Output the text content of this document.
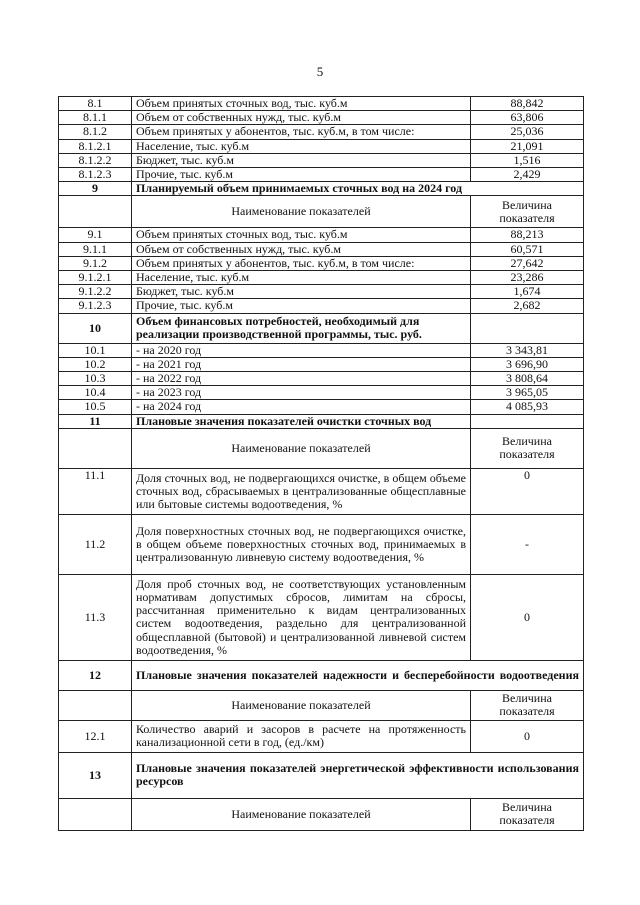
5
8.1	Объем принятых сточных вод, тыс. куб.м	88,842
8.1.1	Объем от собственных нужд, тыс. куб.м	63,806
8.1.2	Объем принятых у абонентов, тыс. куб.м, в том числе:	25,036
8.1.2.1	Население, тыс. куб.м	21,091
8.1.2.2	Бюджет, тыс. куб.м	1,516
8.1.2.3	Прочие, тыс. куб.м	2,429
9	Планируемый объем принимаемых сточных вод на 2024 год	
	Наименование показателей	Величина показателя
9.1	Объем принятых сточных вод, тыс. куб.м	88,213
9.1.1	Объем от собственных нужд, тыс. куб.м	60,571
9.1.2	Объем принятых у абонентов, тыс. куб.м, в том числе:	27,642
9.1.2.1	Население, тыс. куб.м	23,286
9.1.2.2	Бюджет, тыс. куб.м	1,674
9.1.2.3	Прочие, тыс. куб.м	2,682
10	Объем финансовых потребностей, необходимый для реализации производственной программы, тыс. руб.	
10.1	- на 2020 год	3 343,81
10.2	- на 2021 год	3 696,90
10.3	- на 2022 год	3 808,64
10.4	- на 2023 год	3 965,05
10.5	- на 2024 год	4 085,93
11	Плановые значения показателей очистки сточных вод	
	Наименование показателей	Величина показателя
11.1	Доля сточных вод, не подвергающихся очистке, в общем объеме сточных вод, сбрасываемых в централизованные общесплавные или бытовые системы водоотведения, %	0
11.2	Доля поверхностных сточных вод, не подвергающихся очистке, в общем объеме поверхностных сточных вод, принимаемых в централизованную ливневую систему водоотведения, %	-
11.3	Доля проб сточных вод, не соответствующих установленным нормативам допустимых сбросов, лимитам на сбросы, рассчитанная применительно к видам централизованных систем водоотведения, раздельно для централизованной общесплавной (бытовой) и централизованной ливневой систем водоотведения, %	0
12	Плановые значения показателей надежности и бесперебойности водоотведения	
	Наименование показателей	Величина показателя
12.1	Количество аварий и засоров в расчете на протяженность канализационной сети в год, (ед./км)	0
13	Плановые значения показателей энергетической эффективности использования ресурсов	
	Наименование показателей	Величина показателя
